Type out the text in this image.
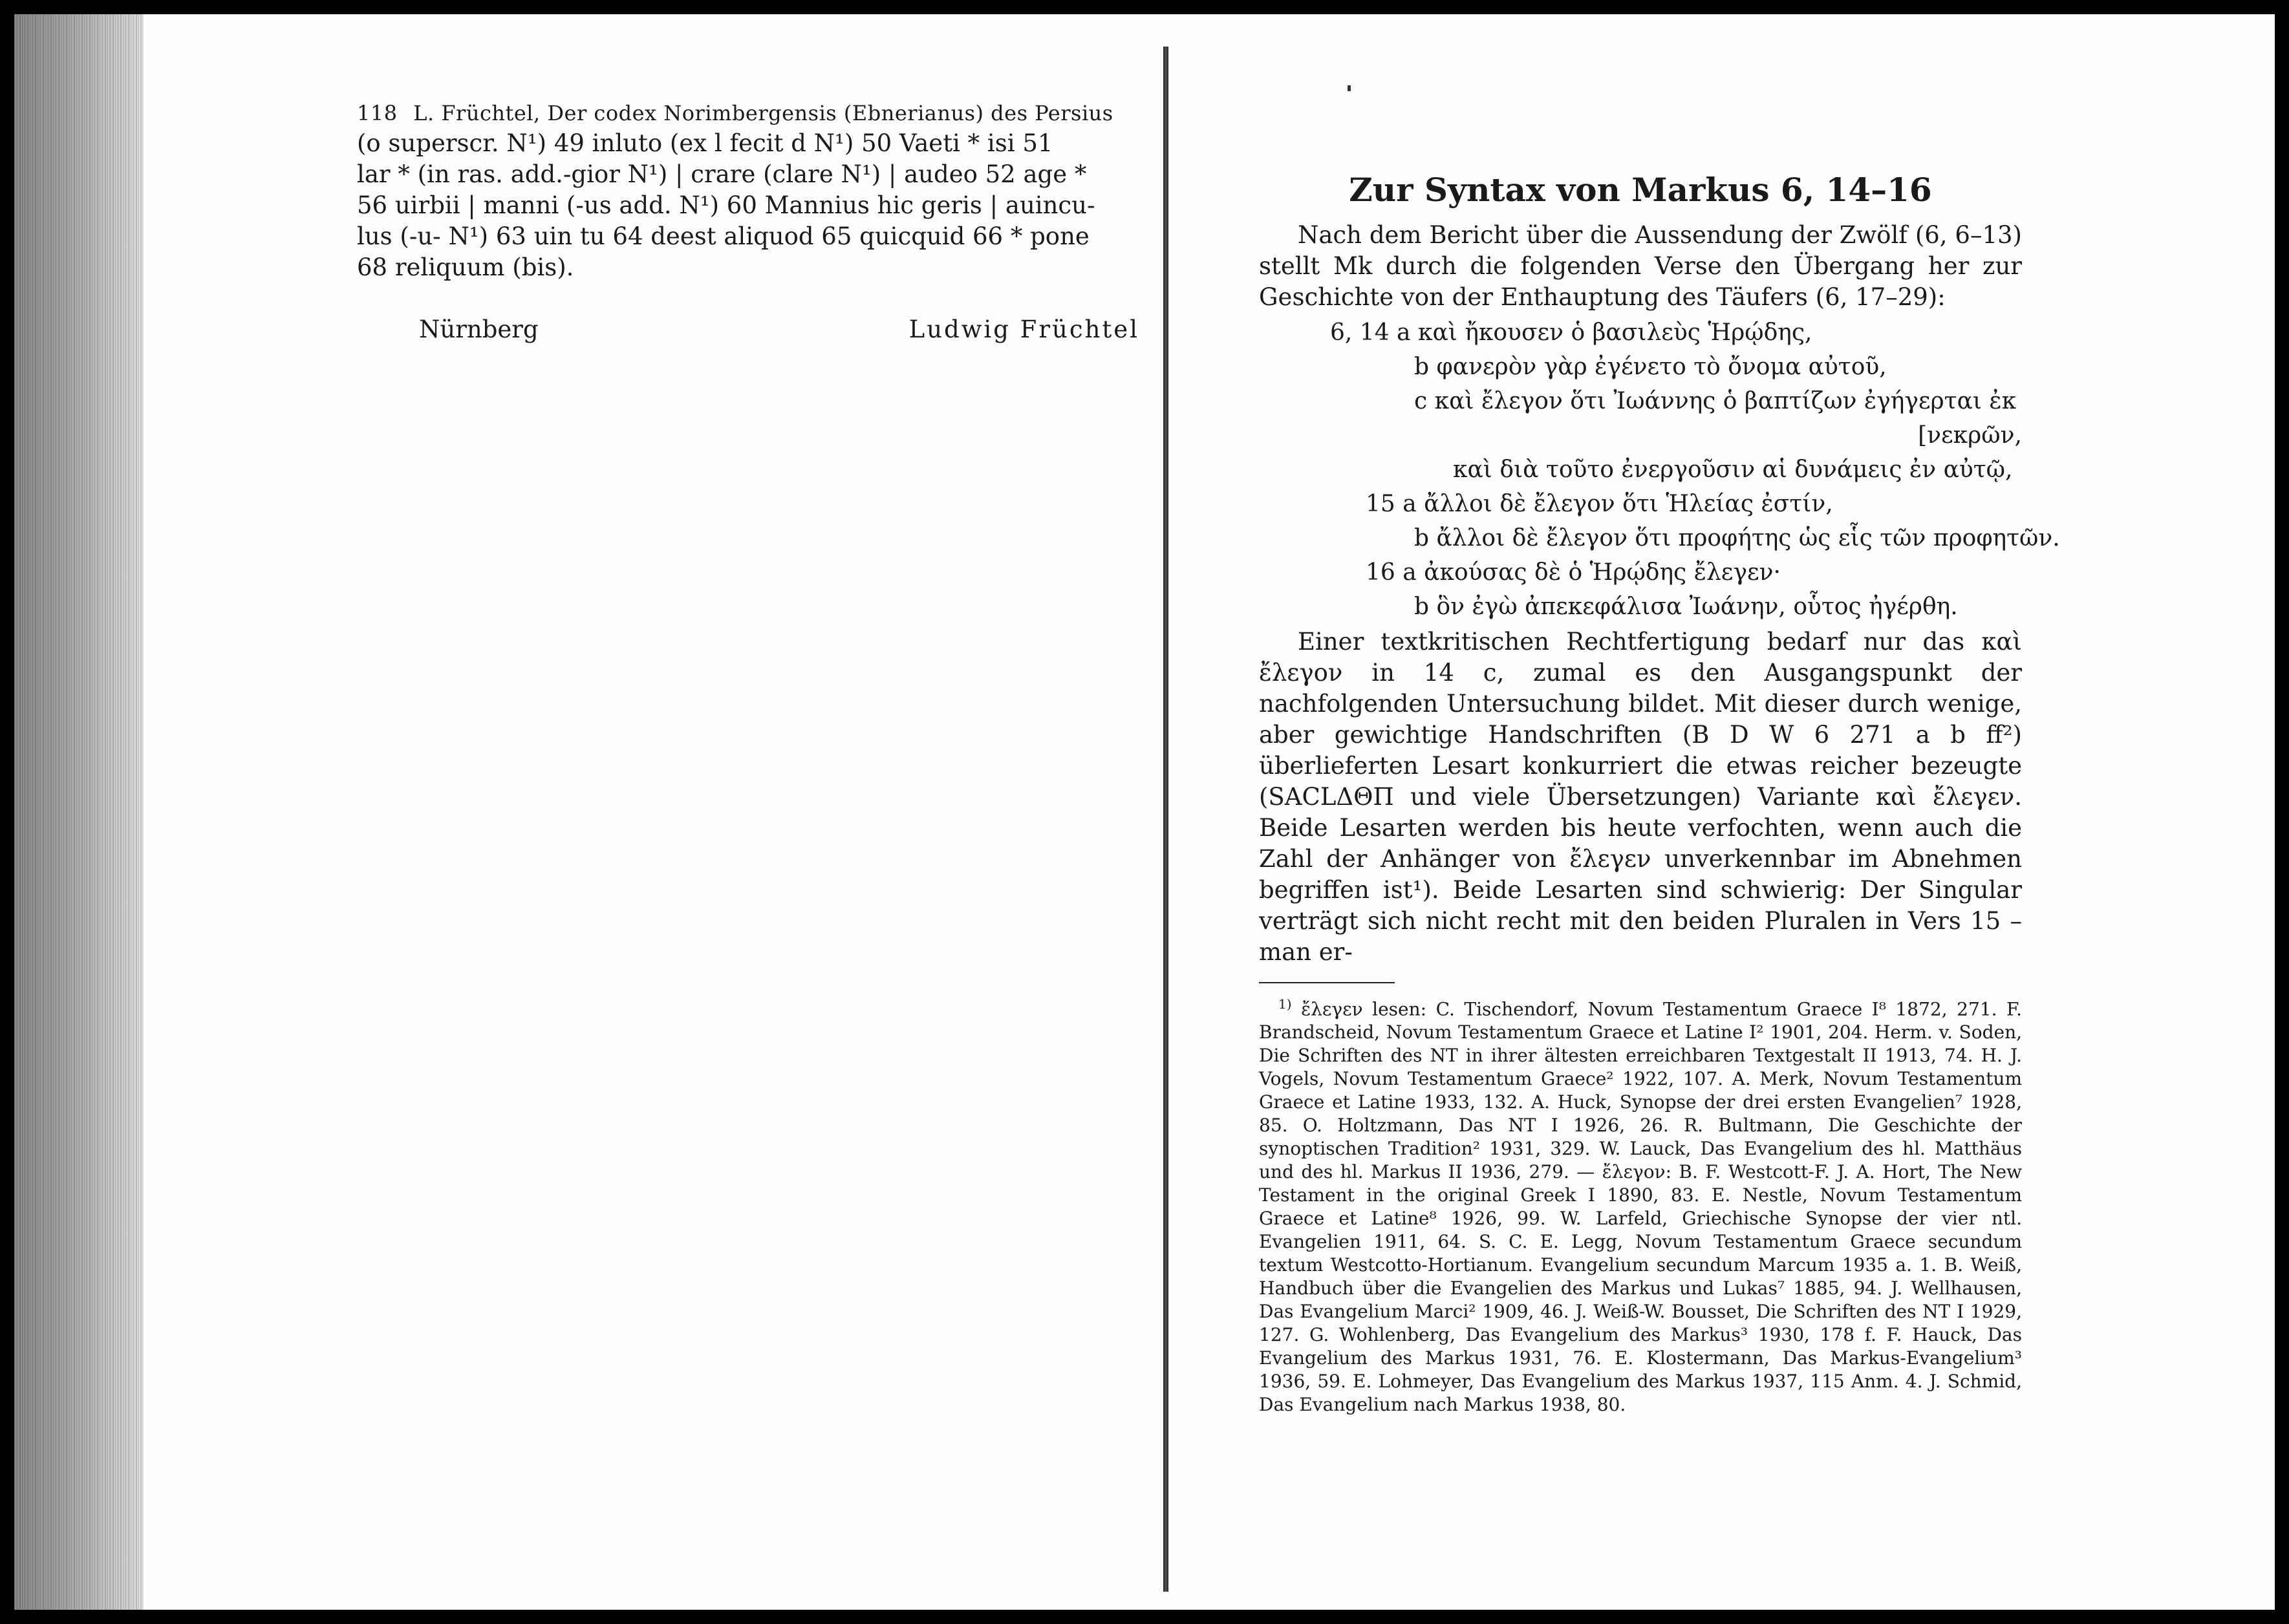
118 L. Früchtel, Der codex Norimbergensis (Ebnerianus) des Persius

(o superscr. N¹) 49 inluto (ex l fecit d N¹) 50 Vaeti * isi 51

lar * (in ras. add.-gior N¹) | crare (clare N¹) | audeo 52 age *

56 uirbii | manni (-us add. N¹) 60 Mannius hic geris | auincu-

lus (-u- N¹) 63 uin tu 64 deest aliquod 65 quicquid 66 * pone

68 reliquum (bis).

Nürnberg	Ludwig Früchtel
Zur Syntax von Markus 6, 14–16

Nach dem Bericht über die Aussendung der Zwölf (6, 6–13) stellt Mk durch die folgenden Verse den Übergang her zur Geschichte von der Enthauptung des Täufers (6, 17–29):

6, 14 a καὶ ἤκουσεν ὁ βασιλεὺς Ἡρῴδης,
b φανερὸν γὰρ ἐγένετο τὸ ὄνομα αὐτοῦ,
c καὶ ἔλεγον ὅτι Ἰωάννης ὁ βαπτίζων ἐγήγερται ἐκ
[νεκρῶν,
καὶ διὰ τοῦτο ἐνεργοῦσιν αἱ δυνάμεις ἐν αὐτῷ,
15 a ἄλλοι δὲ ἔλεγον ὅτι Ἡλείας ἐστίν,
b ἄλλοι δὲ ἔλεγον ὅτι προφήτης ὡς εἷς τῶν προφητῶν.
16 a ἀκούσας δὲ ὁ Ἡρῴδης ἔλεγεν·
b ὃν ἐγὼ ἀπεκεφάλισα Ἰωάνην, οὗτος ἠγέρθη.

Einer textkritischen Rechtfertigung bedarf nur das καὶ ἔλεγον in 14 c, zumal es den Ausgangspunkt der nachfolgenden Untersuchung bildet. Mit dieser durch wenige, aber gewichtige Handschriften (B D W 6 271 a b ff²) überlieferten Lesart konkurriert die etwas reicher bezeugte (SACLΔΘΠ und viele Übersetzungen) Variante καὶ ἔλεγεν. Beide Lesarten werden bis heute verfochten, wenn auch die Zahl der Anhänger von ἔλεγεν unverkennbar im Abnehmen begriffen ist¹). Beide Lesarten sind schwierig: Der Singular verträgt sich nicht recht mit den beiden Pluralen in Vers 15 – man er-

$^{1)}$ ἔλεγεν lesen: C. Tischendorf, Novum Testamentum Graece I⁸ 1872, 271. F. Brandscheid, Novum Testamentum Graece et Latine I² 1901, 204. Herm. v. Soden, Die Schriften des NT in ihrer ältesten erreichbaren Textgestalt II 1913, 74. H. J. Vogels, Novum Testamentum Graece² 1922, 107. A. Merk, Novum Testamentum Graece et Latine 1933, 132. A. Huck, Synopse der drei ersten Evangelien⁷ 1928, 85. O. Holtzmann, Das NT I 1926, 26. R. Bultmann, Die Geschichte der synoptischen Tradition² 1931, 329. W. Lauck, Das Evangelium des hl. Matthäus und des hl. Markus II 1936, 279. — ἔλεγον: B. F. Westcott-F. J. A. Hort, The New Testament in the original Greek I 1890, 83. E. Nestle, Novum Testamentum Graece et Latine⁸ 1926, 99. W. Larfeld, Griechische Synopse der vier ntl. Evangelien 1911, 64. S. C. E. Legg, Novum Testamentum Graece secundum textum Westcotto-Hortianum. Evangelium secundum Marcum 1935 a. 1. B. Weiß, Handbuch über die Evangelien des Markus und Lukas⁷ 1885, 94. J. Wellhausen, Das Evangelium Marci² 1909, 46. J. Weiß-W. Bousset, Die Schriften des NT I 1929, 127. G. Wohlenberg, Das Evangelium des Markus³ 1930, 178 f. F. Hauck, Das Evangelium des Markus 1931, 76. E. Klostermann, Das Markus-Evangelium³ 1936, 59. E. Lohmeyer, Das Evangelium des Markus 1937, 115 Anm. 4. J. Schmid, Das Evangelium nach Markus 1938, 80.
